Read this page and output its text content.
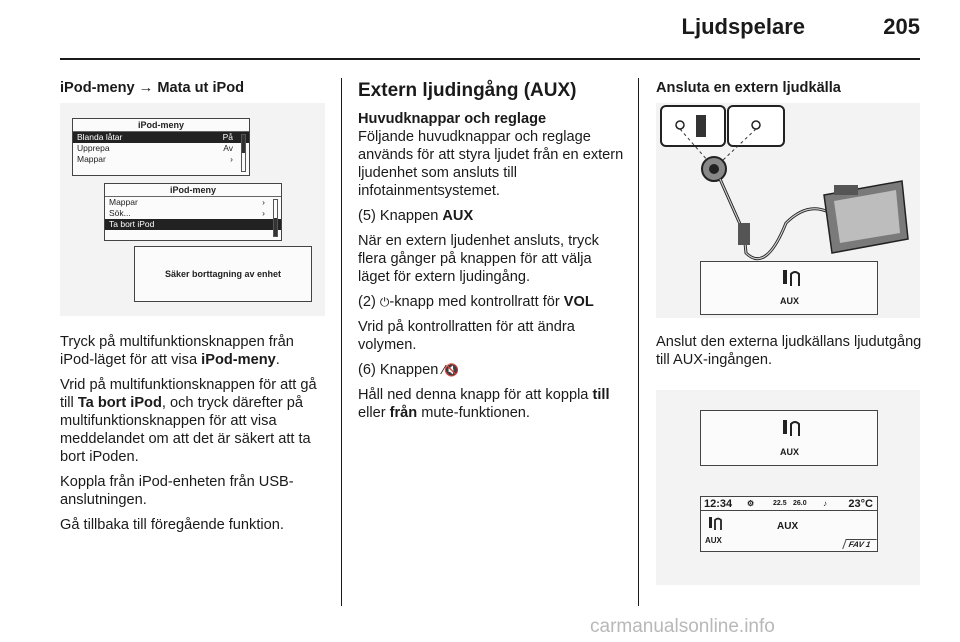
Ljudspelare	205
iPod-meny → Mata ut iPod
iPod-meny
Blanda låtar	På
Upprepa	Av
Mappar	›
iPod-meny
Mappar	›
Sök...	›
Ta bort iPod
Säker borttagning av enhet

Tryck på multifunktionsknappen från iPod-läget för att visa iPod-meny.

Vrid på multifunktionsknappen för att gå till Ta bort iPod, och tryck därefter på multifunktionsknappen för att visa meddelandet om att det är säkert att ta bort iPoden.

Koppla från iPod-enheten från USB-anslutningen.

Gå tillbaka till föregående funktion.

Extern ljudingång (AUX)
Huvudknappar och reglage

Följande huvudknappar och reglage används för att styra ljudet från en extern ljudenhet som ansluts till infotainmentsystemet.

(5) Knappen AUX

När en extern ljudenhet ansluts, tryck flera gånger på knappen för att välja läget för extern ljudingång.

(2) ⏻-knapp med kontrollratt för VOL

Vrid på kontrollratten för att ändra volymen.

(6) Knappen ⁄🔇

Håll ned denna knapp för att koppla till eller från mute-funktionen.

Ansluta en extern ljudkälla
AUX

Anslut den externa ljudkällans ljudutgång till AUX-ingången.

AUX
12:34 ⚙	22.5 26.0 ♪ 23°C
AUX
AUX
FAV 1
carmanualsonline.info
